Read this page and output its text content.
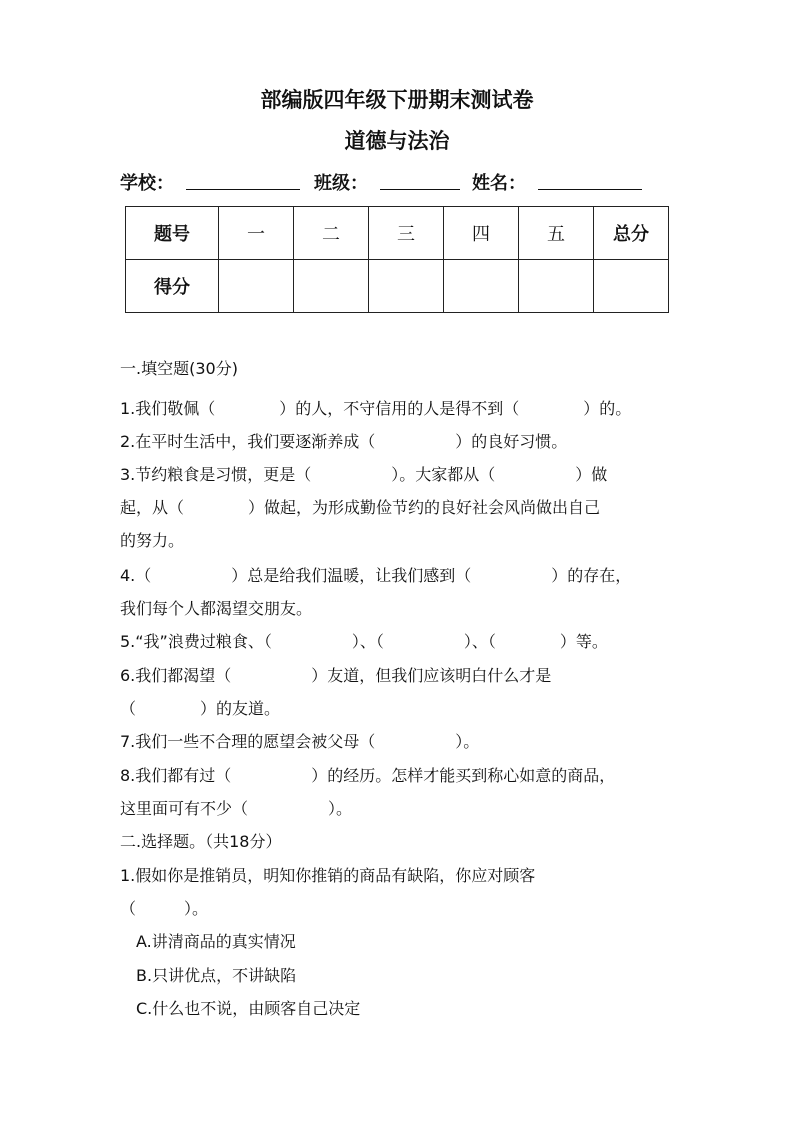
部编版四年级下册期末测试卷
道德与法治
学校：	班级：	姓名：
题号	一	二	三	四	五	总分
得分						
一.填空题(30分)
1.我们敬佩（　　　　）的人，不守信用的人是得不到（　　　　）的。
2.在平时生活中，我们要逐渐养成（　　　　　）的良好习惯。
3.节约粮食是习惯，更是（　　　　　）。大家都从（　　　　　）做
起，从（　　　　）做起，为形成勤俭节约的良好社会风尚做出自己
的努力。
4.（　　　　　）总是给我们温暖，让我们感到（　　　　　）的存在，
我们每个人都渴望交朋友。
5.“我”浪费过粮食、（　　　　　）、（　　　　　）、（　　　　）等。
6.我们都渴望（　　　　　）友道，但我们应该明白什么才是
（　　　　）的友道。
7.我们一些不合理的愿望会被父母（　　　　　）。
8.我们都有过（　　　　　）的经历。怎样才能买到称心如意的商品，
这里面可有不少（　　　　　）。
二.选择题。（共18分）
1.假如你是推销员，明知你推销的商品有缺陷，你应对顾客
（　　　）。
A.讲清商品的真实情况
B.只讲优点，不讲缺陷
C.什么也不说，由顾客自己决定
